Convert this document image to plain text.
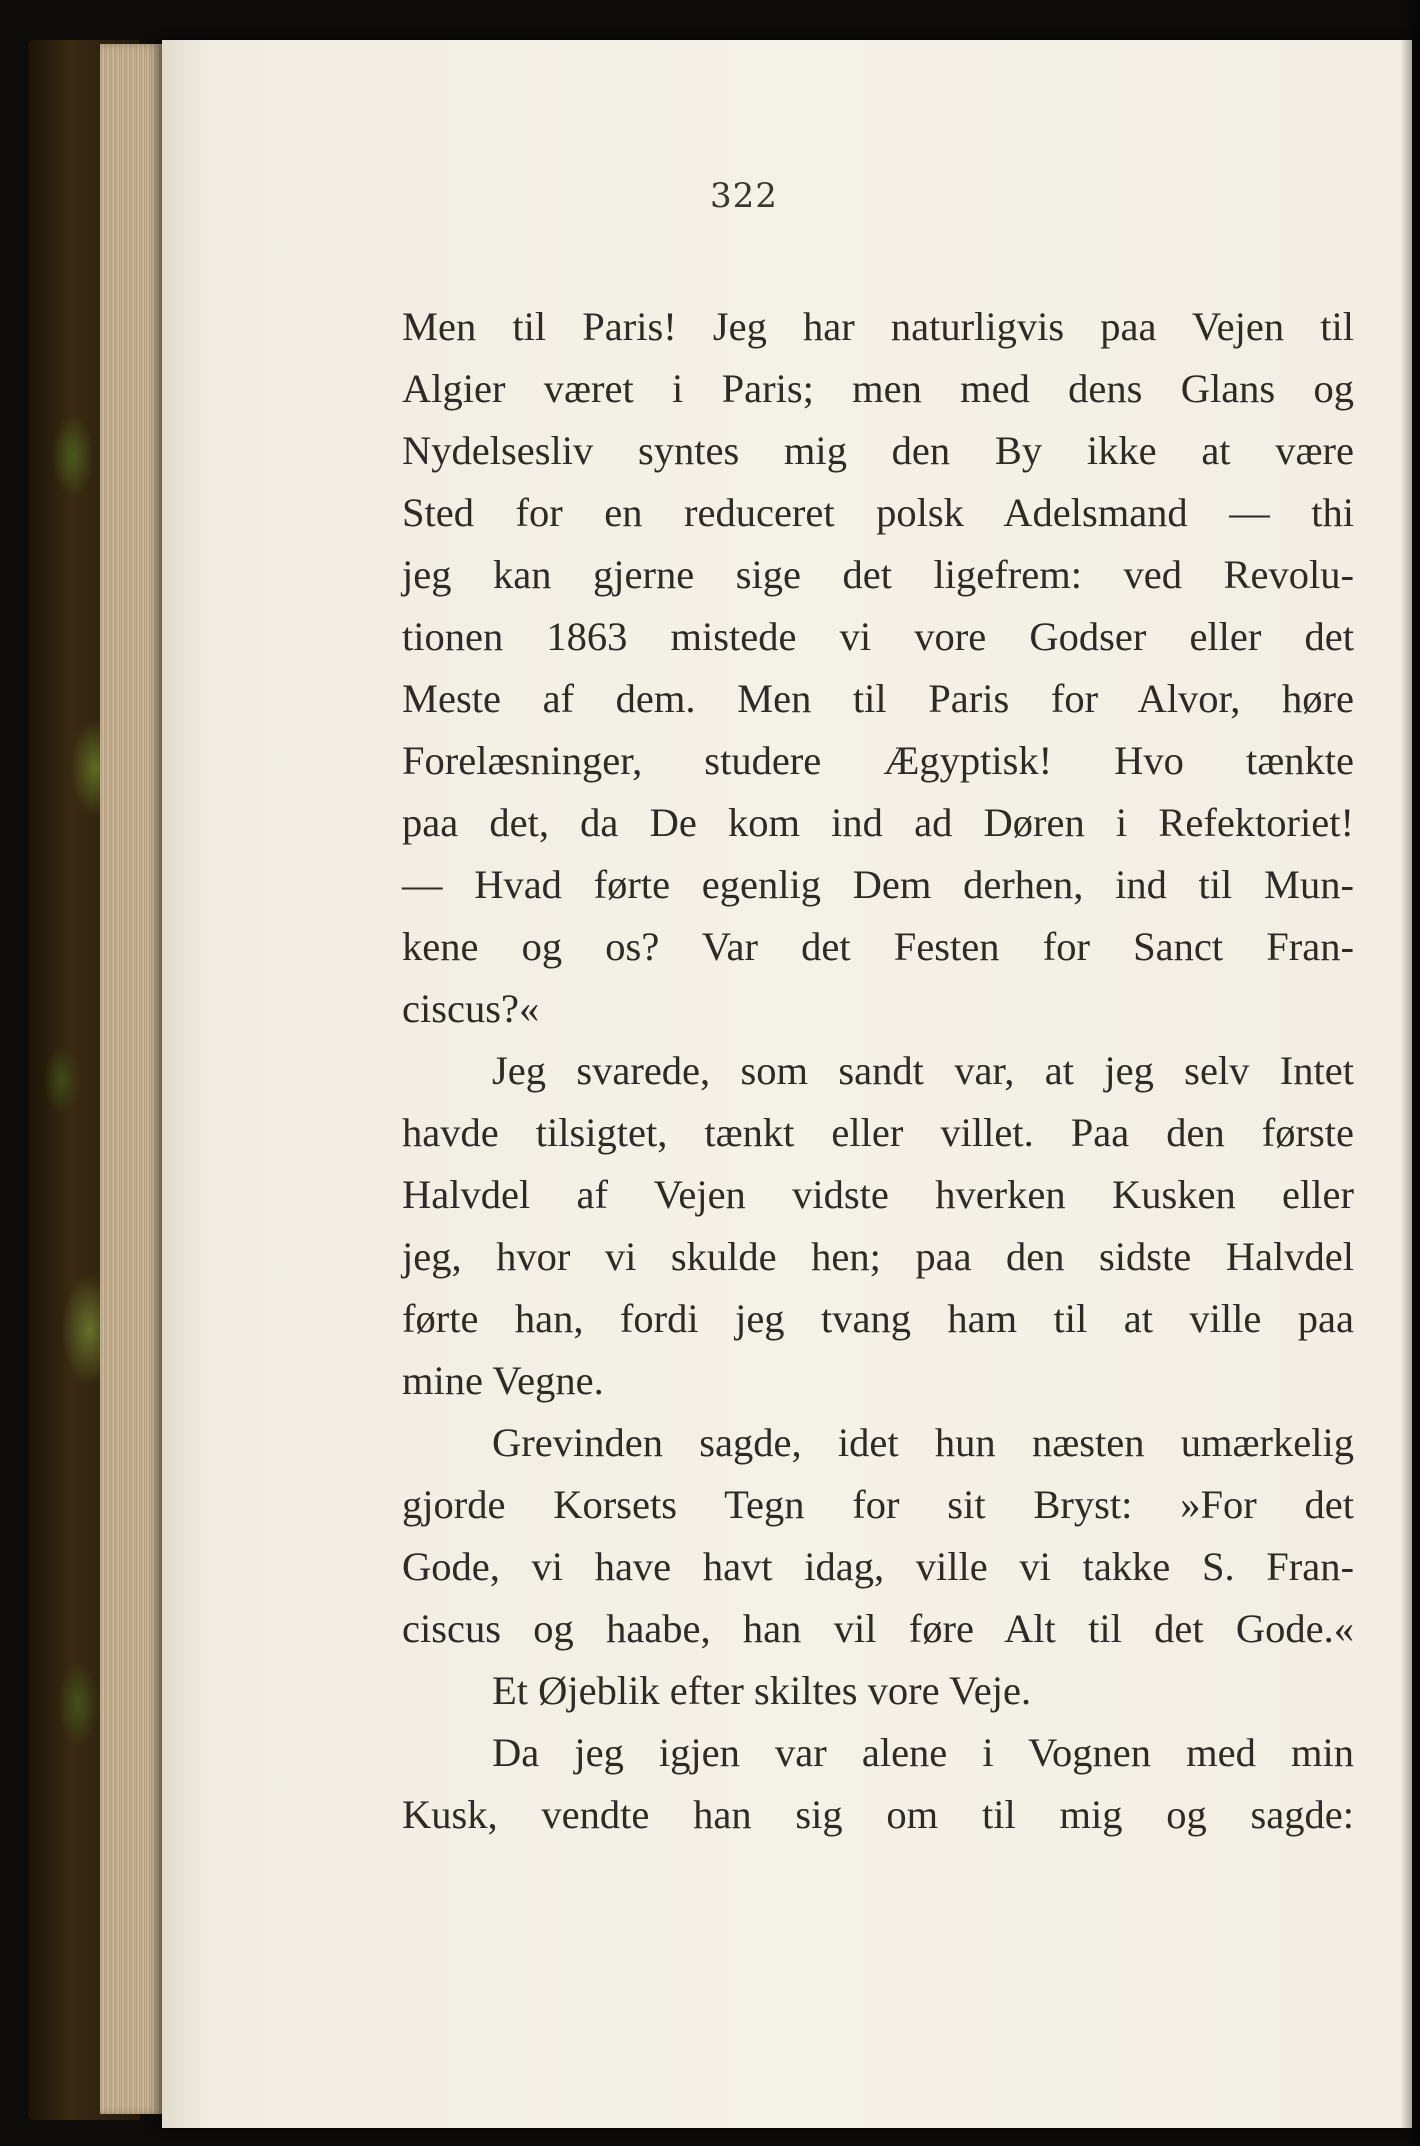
322
Men til Paris! Jeg har naturligvis paa Vejen til
Algier været i Paris; men med dens Glans og
Nydelsesliv syntes mig den By ikke at være
Sted for en reduceret polsk Adelsmand — thi
jeg kan gjerne sige det ligefrem: ved Revolu-
tionen 1863 mistede vi vore Godser eller det
Meste af dem. Men til Paris for Alvor, høre
Forelæsninger, studere Ægyptisk! Hvo tænkte
paa det, da De kom ind ad Døren i Refektoriet!
— Hvad førte egenlig Dem derhen, ind til Mun-
kene og os? Var det Festen for Sanct Fran-
ciscus?«
Jeg svarede, som sandt var, at jeg selv Intet
havde tilsigtet, tænkt eller villet. Paa den første
Halvdel af Vejen vidste hverken Kusken eller
jeg, hvor vi skulde hen; paa den sidste Halvdel
førte han, fordi jeg tvang ham til at ville paa
mine Vegne.
Grevinden sagde, idet hun næsten umærkelig
gjorde Korsets Tegn for sit Bryst: »For det
Gode, vi have havt idag, ville vi takke S. Fran-
ciscus og haabe, han vil føre Alt til det Gode.«
Et Øjeblik efter skiltes vore Veje.
Da jeg igjen var alene i Vognen med min
Kusk, vendte han sig om til mig og sagde:
